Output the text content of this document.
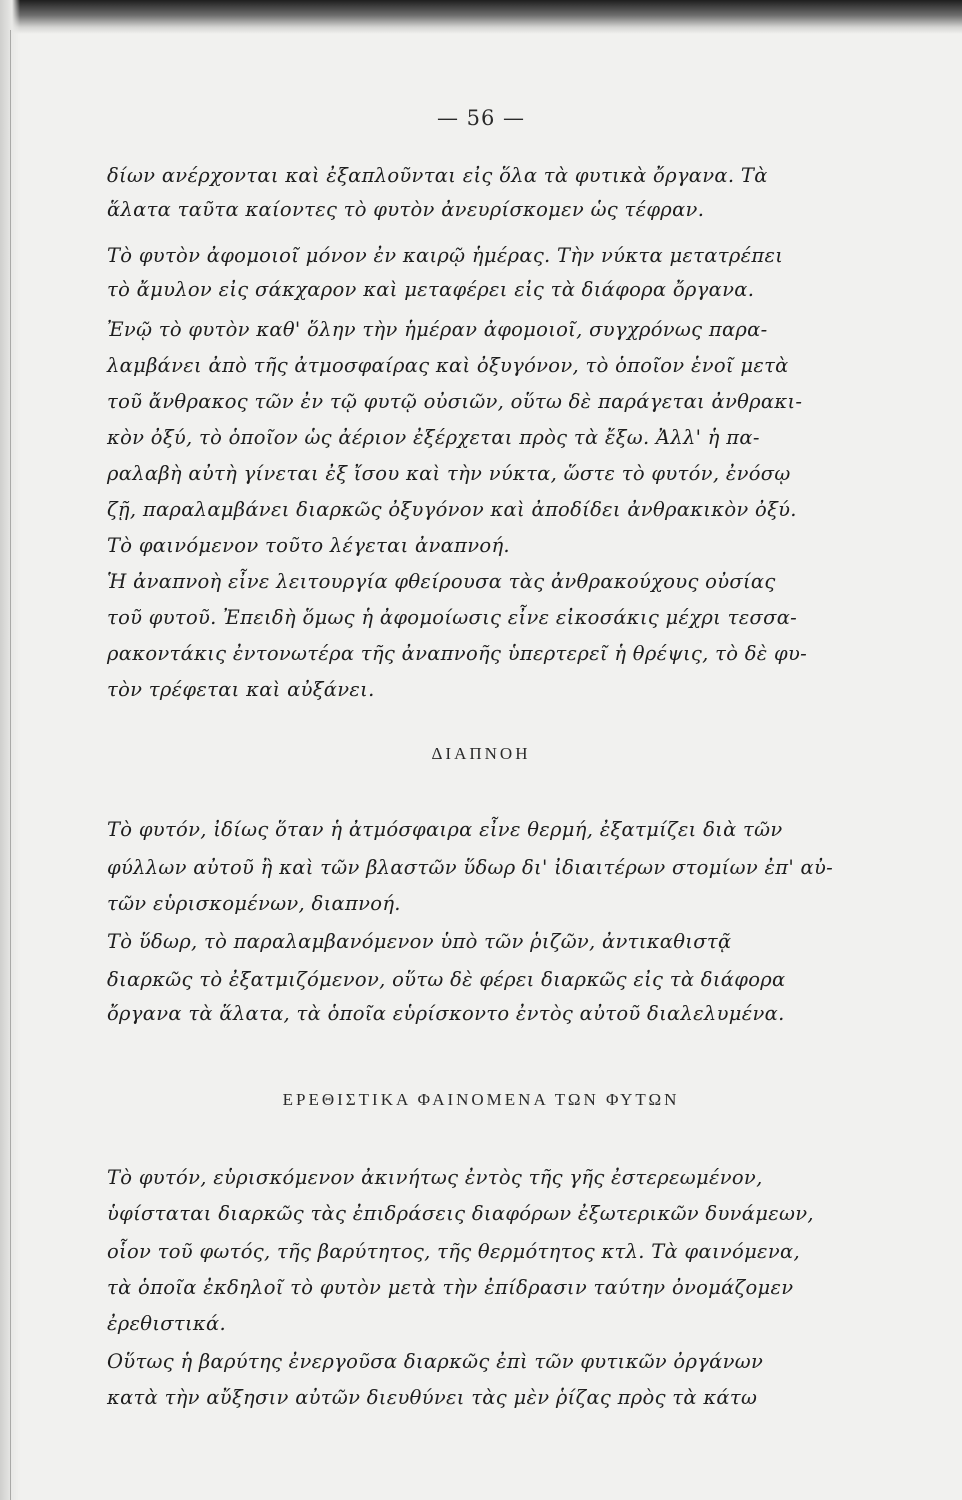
— 56 —
δίων ανέρχονται καὶ ἐξαπλοῦνται εἰς ὅλα τὰ φυτικὰ ὄργανα. Τὰ
ἅλατα ταῦτα καίοντες τὸ φυτὸν ἀνευρίσκομεν ὡς τέφραν.
Τὸ φυτὸν ἀφομοιοῖ μόνον ἐν καιρῷ ἡμέρας. Τὴν νύκτα μετατρέπει
τὸ ἄμυλον εἰς σάκχαρον καὶ μεταφέρει εἰς τὰ διάφορα ὄργανα.
Ἐνῷ τὸ φυτὸν καθ' ὅλην τὴν ἡμέραν ἀφομοιοῖ, συγχρόνως παρα-
λαμβάνει ἀπὸ τῆς ἀτμοσφαίρας καὶ ὀξυγόνον, τὸ ὁποῖον ἑνοῖ μετὰ
τοῦ ἄνθρακος τῶν ἐν τῷ φυτῷ οὐσιῶν, οὕτω δὲ παράγεται ἀνθρακι-
κὸν ὀξύ, τὸ ὁποῖον ὡς ἀέριον ἐξέρχεται πρὸς τὰ ἔξω. Ἀλλ' ἡ πα-
ραλαβὴ αὐτὴ γίνεται ἐξ ἴσου καὶ τὴν νύκτα, ὥστε τὸ φυτόν, ἐνόσῳ
ζῇ, παραλαμβάνει διαρκῶς ὀξυγόνον καὶ ἀποδίδει ἀνθρακικὸν ὀξύ.
Τὸ φαινόμενον τοῦτο λέγεται ἀναπνοή.
Ἡ ἀναπνοὴ εἶνε λειτουργία φθείρουσα τὰς ἀνθρακούχους οὐσίας
τοῦ φυτοῦ. Ἐπειδὴ ὅμως ἡ ἀφομοίωσις εἶνε εἰκοσάκις μέχρι τεσσα-
ρακοντάκις ἐντονωτέρα τῆς ἀναπνοῆς ὑπερτερεῖ ἡ θρέψις, τὸ δὲ φυ-
τὸν τρέφεται καὶ αὐξάνει.
ΔΙΑΠΝΟΗ
Τὸ φυτόν, ἰδίως ὅταν ἡ ἀτμόσφαιρα εἶνε θερμή, ἐξατμίζει διὰ τῶν
φύλλων αὐτοῦ ἢ καὶ τῶν βλαστῶν ὕδωρ δι' ἰδιαιτέρων στομίων ἐπ' αὐ-
τῶν εὑρισκομένων, διαπνοή.
Τὸ ὕδωρ, τὸ παραλαμβανόμενον ὑπὸ τῶν ῥιζῶν, ἀντικαθιστᾷ
διαρκῶς τὸ ἐξατμιζόμενον, οὕτω δὲ φέρει διαρκῶς εἰς τὰ διάφορα
ὄργανα τὰ ἅλατα, τὰ ὁποῖα εὑρίσκοντο ἐντὸς αὐτοῦ διαλελυμένα.
ΕΡΕΘΙΣΤΙΚΑ ΦΑΙΝΟΜΕΝΑ ΤΩΝ ΦΥΤΩΝ
Τὸ φυτόν, εὑρισκόμενον ἀκινήτως ἐντὸς τῆς γῆς ἐστερεωμένον,
ὑφίσταται διαρκῶς τὰς ἐπιδράσεις διαφόρων ἐξωτερικῶν δυνάμεων,
οἷον τοῦ φωτός, τῆς βαρύτητος, τῆς θερμότητος κτλ. Τὰ φαινόμενα,
τὰ ὁποῖα ἐκδηλοῖ τὸ φυτὸν μετὰ τὴν ἐπίδρασιν ταύτην ὀνομάζομεν
ἐρεθιστικά.
Οὕτως ἡ βαρύτης ἐνεργοῦσα διαρκῶς ἐπὶ τῶν φυτικῶν ὀργάνων
κατὰ τὴν αὔξησιν αὐτῶν διευθύνει τὰς μὲν ῥίζας πρὸς τὰ κάτω
